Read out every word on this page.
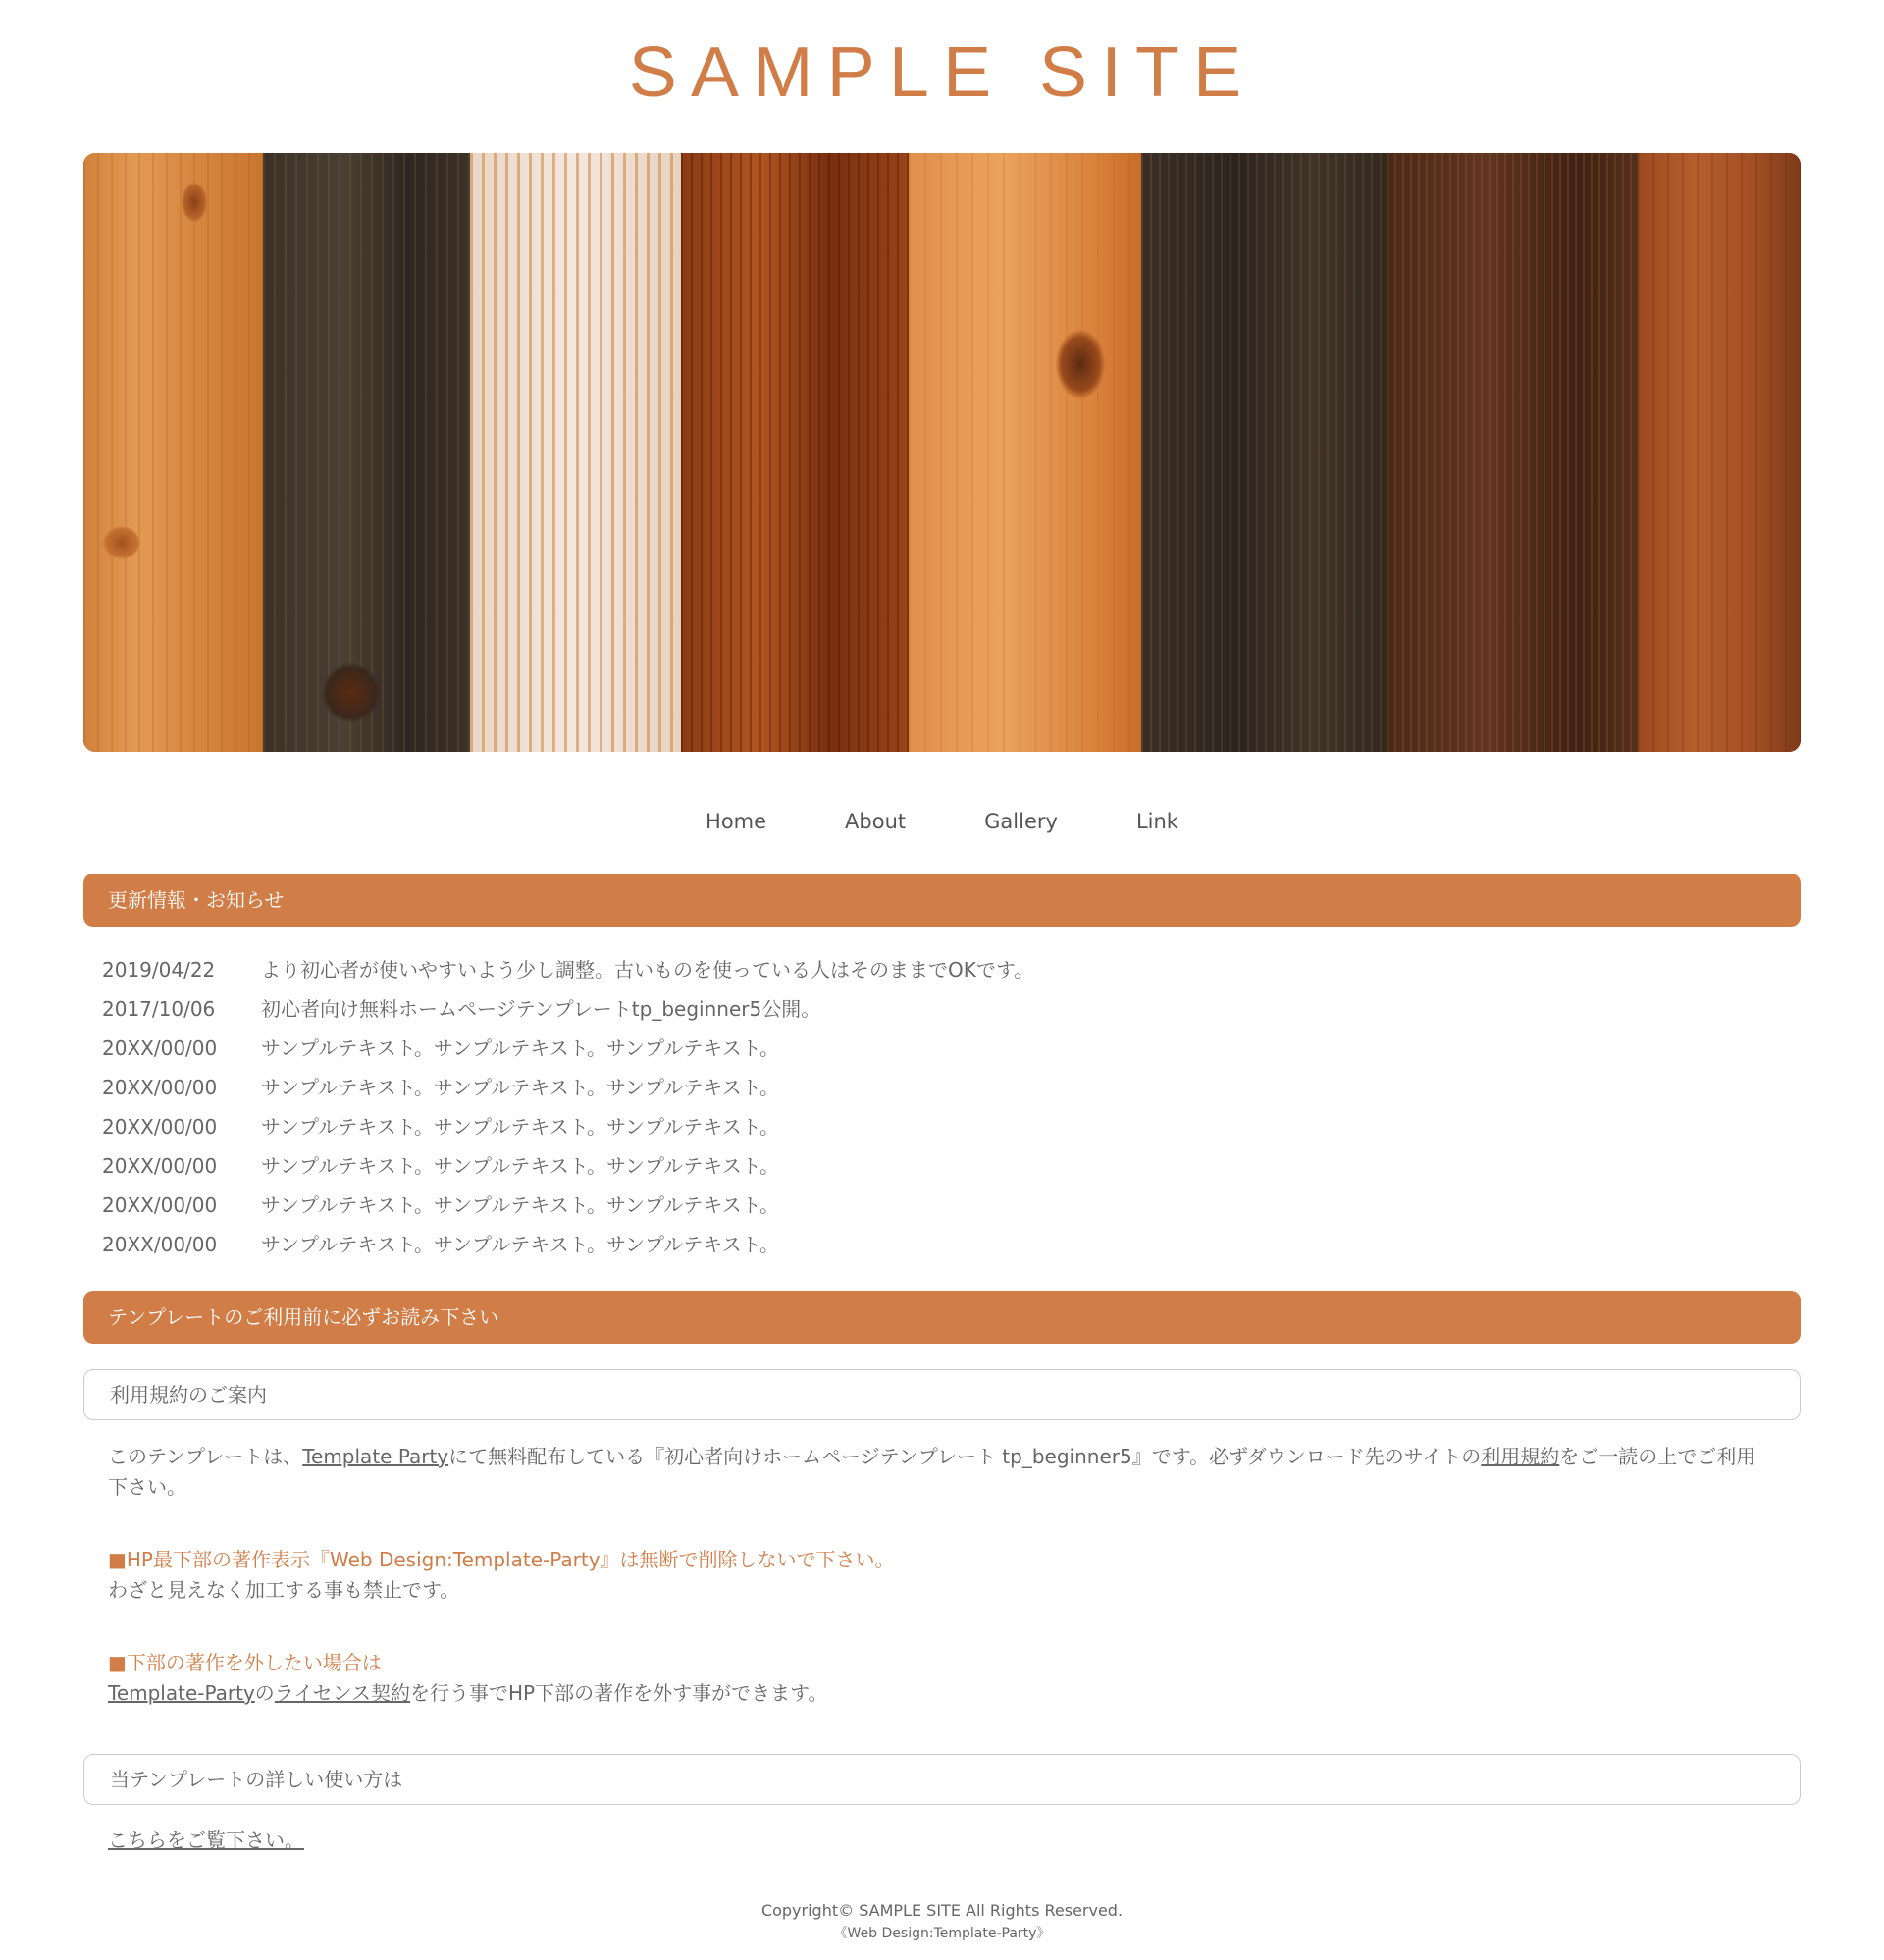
SAMPLE SITE
Home	About	Gallery	Link
更新情報・お知らせ
2019/04/22 より初心者が使いやすいよう少し調整。古いものを使っている人はそのままでOKです。
2017/10/06 初心者向け無料ホームページテンプレートtp_beginner5公開。
20XX/00/00 サンプルテキスト。サンプルテキスト。サンプルテキスト。
20XX/00/00 サンプルテキスト。サンプルテキスト。サンプルテキスト。
20XX/00/00 サンプルテキスト。サンプルテキスト。サンプルテキスト。
20XX/00/00 サンプルテキスト。サンプルテキスト。サンプルテキスト。
20XX/00/00 サンプルテキスト。サンプルテキスト。サンプルテキスト。
20XX/00/00 サンプルテキスト。サンプルテキスト。サンプルテキスト。
テンプレートのご利用前に必ずお読み下さい
利用規約のご案内

このテンプレートは、Template Partyにて無料配布している『初心者向けホームページテンプレート tp_beginner5』です。必ずダウンロード先のサイトの利用規約をご一読の上でご利用下さい。

■HP最下部の著作表示『Web Design:Template-Party』は無断で削除しないで下さい。
わざと見えなく加工する事も禁止です。

■下部の著作を外したい場合は
Template-Partyのライセンス契約を行う事でHP下部の著作を外す事ができます。

当テンプレートの詳しい使い方は

こちらをご覧下さい。

Copyright© SAMPLE SITE All Rights Reserved.
《Web Design:Template-Party》
